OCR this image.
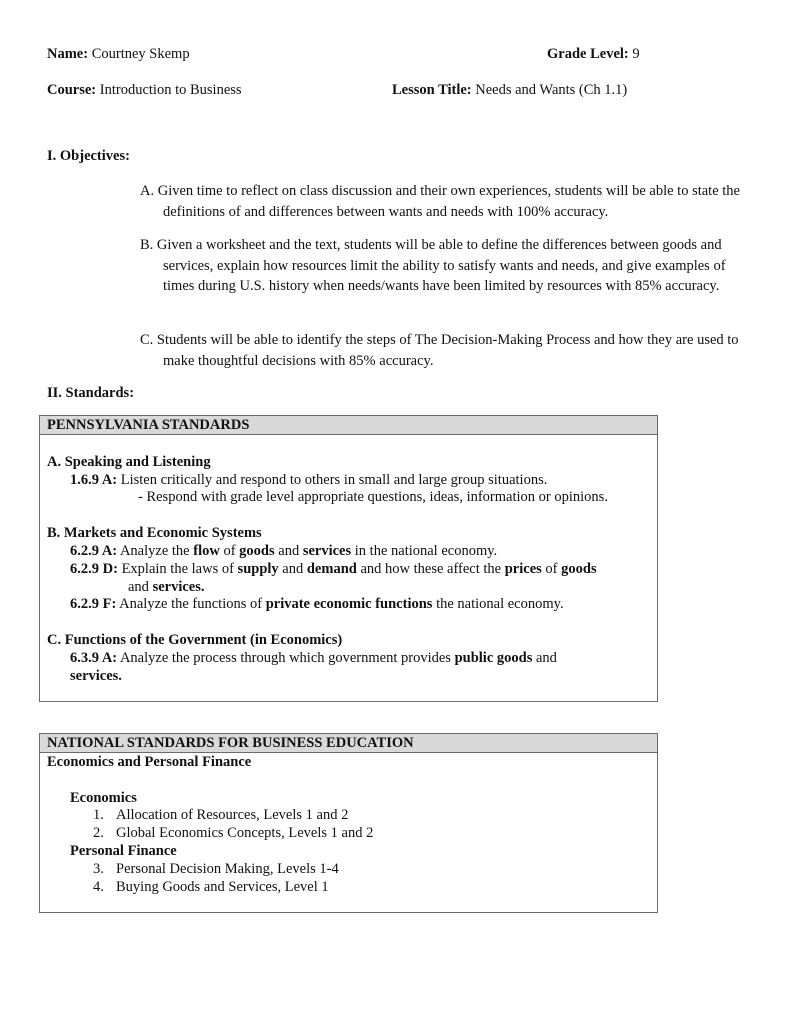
Name: Courtney Skemp	Grade Level: 9
Course: Introduction to Business	Lesson Title: Needs and Wants (Ch 1.1)
I. Objectives:

A. Given time to reflect on class discussion and their own experiences, students will be able to state the definitions of and differences between wants and needs with 100% accuracy.

B. Given a worksheet and the text, students will be able to define the differences between goods and services, explain how resources limit the ability to satisfy wants and needs, and give examples of times during U.S. history when needs/wants have been limited by resources with 85% accuracy.

C. Students will be able to identify the steps of The Decision-Making Process and how they are used to make thoughtful decisions with 85% accuracy.

II. Standards:
PENNSYLVANIA STANDARDS
A. Speaking and Listening
1.6.9 A: Listen critically and respond to others in small and large group situations.
- Respond with grade level appropriate questions, ideas, information or opinions.
B. Markets and Economic Systems
6.2.9 A: Analyze the flow of goods and services in the national economy.
6.2.9 D: Explain the laws of supply and demand and how these affect the prices of goods
and services.
6.2.9 F: Analyze the functions of private economic functions the national economy.
C. Functions of the Government (in Economics)
6.3.9 A: Analyze the process through which government provides public goods and
services.
NATIONAL STANDARDS FOR BUSINESS EDUCATION
Economics and Personal Finance
Economics
1. Allocation of Resources, Levels 1 and 2
2. Global Economics Concepts, Levels 1 and 2
Personal Finance
3. Personal Decision Making, Levels 1-4
4. Buying Goods and Services, Level 1
